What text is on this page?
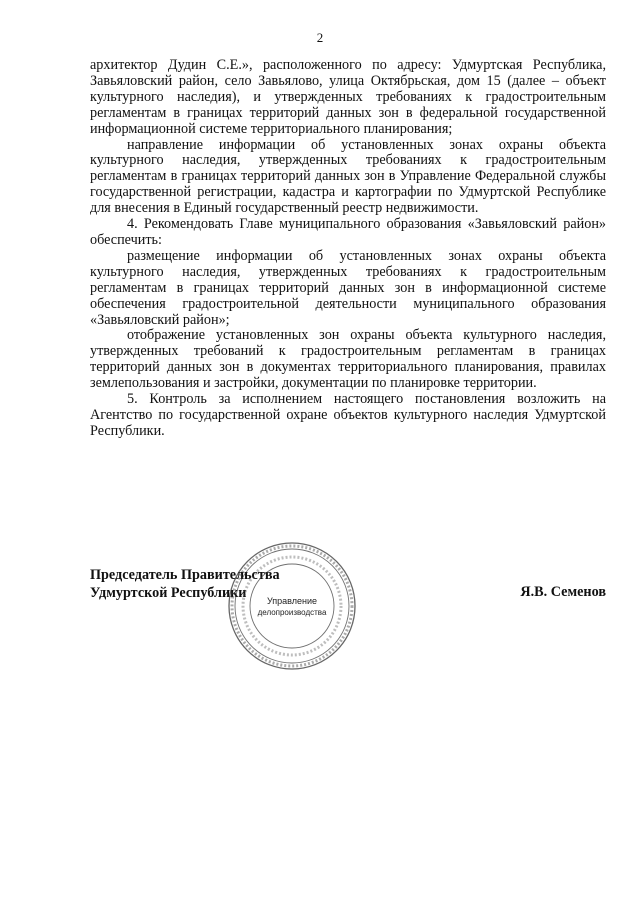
2

архитектор Дудин С.Е.», расположенного по адресу: Удмуртская Республика, Завьяловский район, село Завьялово, улица Октябрьская, дом 15 (далее – объект культурного наследия), и утвержденных требованиях к градостроительным регламентам в границах территорий данных зон в федеральной государственной информационной системе территориального планирования;

направление информации об установленных зонах охраны объекта культурного наследия, утвержденных требованиях к градостроительным регламентам в границах территорий данных зон в Управление Федеральной службы государственной регистрации, кадастра и картографии по Удмуртской Республике для внесения в Единый государственный реестр недвижимости.

4. Рекомендовать Главе муниципального образования «Завьяловский район» обеспечить:

размещение информации об установленных зонах охраны объекта культурного наследия, утвержденных требованиях к градостроительным регламентам в границах территорий данных зон в информационной системе обеспечения градостроительной деятельности муниципального образования «Завьяловский район»;

отображение установленных зон охраны объекта культурного наследия, утвержденных требований к градостроительным регламентам в границах территорий данных зон в документах территориального планирования, правилах землепользования и застройки, документации по планировке территории.

5. Контроль за исполнением настоящего постановления возложить на Агентство по государственной охране объектов культурного наследия Удмуртской Республики.

Председатель Правительства
Удмуртской Республики	Я.В. Семенов
Управление
делопроизводства
